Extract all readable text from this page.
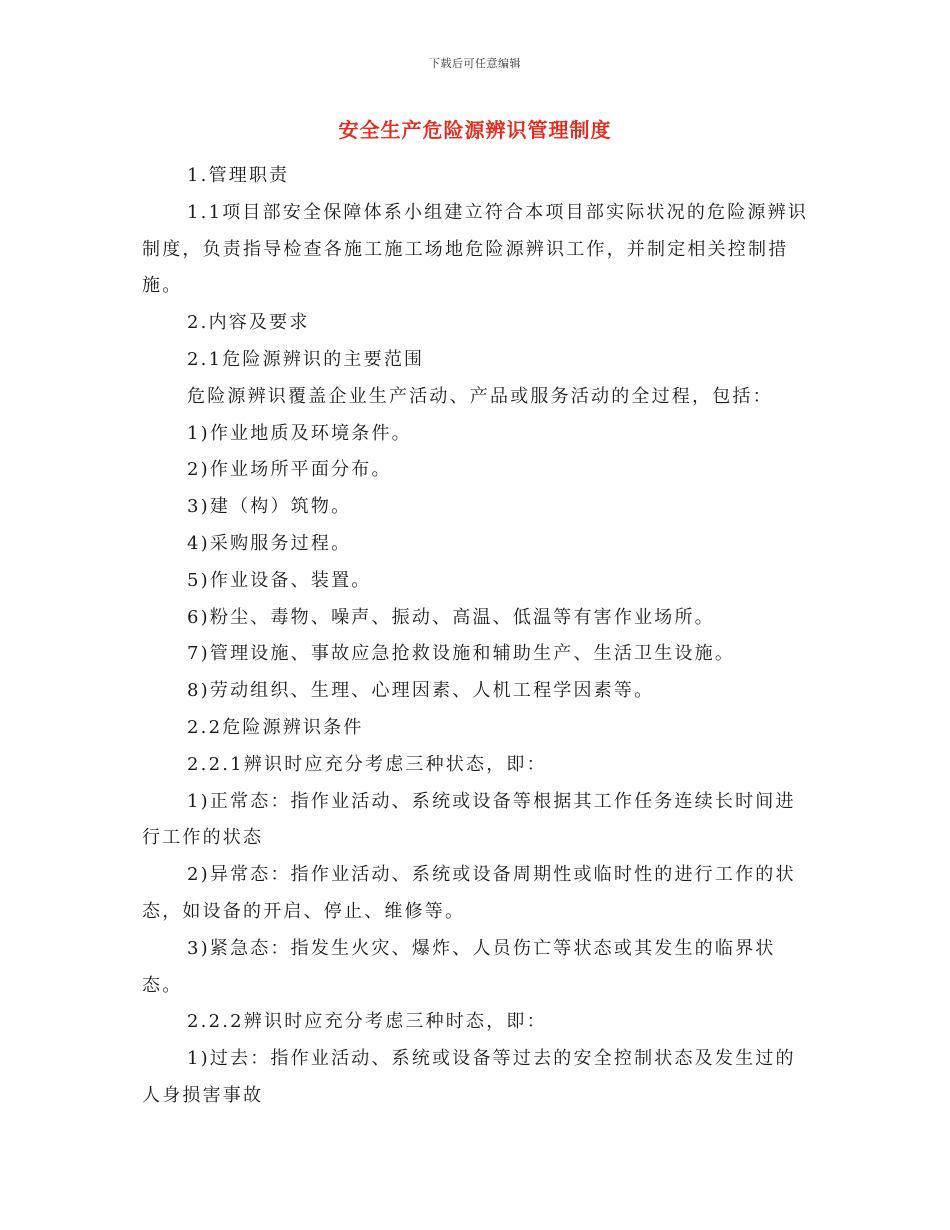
下载后可任意编辑
安全生产危险源辨识管理制度

1.管理职责

1.1项目部安全保障体系小组建立符合本项目部实际状况的危险源辨识制度，负责指导检查各施工施工场地危险源辨识工作，并制定相关控制措施。

2.内容及要求

2.1危险源辨识的主要范围

危险源辨识覆盖企业生产活动、产品或服务活动的全过程，包括：

1)作业地质及环境条件。

2)作业场所平面分布。

3)建（构）筑物。

4)采购服务过程。

5)作业设备、装置。

6)粉尘、毒物、噪声、振动、高温、低温等有害作业场所。

7)管理设施、事故应急抢救设施和辅助生产、生活卫生设施。

8)劳动组织、生理、心理因素、人机工程学因素等。

2.2危险源辨识条件

2.2.1辨识时应充分考虑三种状态，即：

1)正常态：指作业活动、系统或设备等根据其工作任务连续长时间进行工作的状态

2)异常态：指作业活动、系统或设备周期性或临时性的进行工作的状态，如设备的开启、停止、维修等。

3)紧急态：指发生火灾、爆炸、人员伤亡等状态或其发生的临界状态。

2.2.2辨识时应充分考虑三种时态，即：

1)过去：指作业活动、系统或设备等过去的安全控制状态及发生过的人身损害事故
